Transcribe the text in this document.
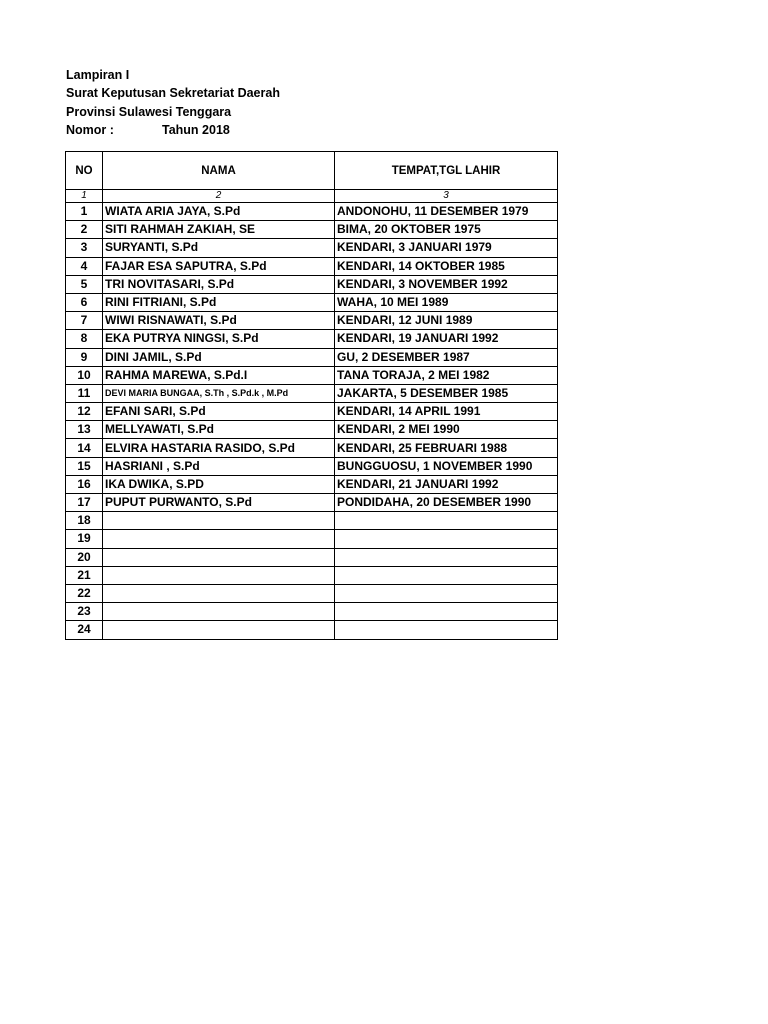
Lampiran I
Surat Keputusan Sekretariat Daerah
Provinsi Sulawesi Tenggara
Nomor :	Tahun 2018
NO	NAMA	TEMPAT,TGL LAHIR
1	2	3
1	WIATA ARIA JAYA, S.Pd	ANDONOHU, 11 DESEMBER 1979
2	SITI RAHMAH ZAKIAH, SE	BIMA, 20 OKTOBER 1975
3	SURYANTI, S.Pd	KENDARI, 3 JANUARI 1979
4	FAJAR ESA SAPUTRA, S.Pd	KENDARI, 14 OKTOBER 1985
5	TRI NOVITASARI, S.Pd	KENDARI, 3 NOVEMBER 1992
6	RINI FITRIANI, S.Pd	WAHA, 10 MEI 1989
7	WIWI RISNAWATI, S.Pd	KENDARI, 12 JUNI 1989
8	EKA PUTRYA NINGSI, S.Pd	KENDARI, 19 JANUARI 1992
9	DINI JAMIL, S.Pd	GU, 2 DESEMBER 1987
10	RAHMA MAREWA, S.Pd.I	TANA TORAJA, 2 MEI 1982
11	DEVI MARIA BUNGAA, S.Th , S.Pd.k , M.Pd	JAKARTA, 5 DESEMBER 1985
12	EFANI SARI, S.Pd	KENDARI, 14 APRIL 1991
13	MELLYAWATI, S.Pd	KENDARI, 2 MEI 1990
14	ELVIRA HASTARIA RASIDO, S.Pd	KENDARI, 25 FEBRUARI 1988
15	HASRIANI , S.Pd	BUNGGUOSU, 1 NOVEMBER 1990
16	IKA DWIKA, S.PD	KENDARI, 21 JANUARI 1992
17	PUPUT PURWANTO, S.Pd	PONDIDAHA, 20 DESEMBER 1990
18		
19		
20		
21		
22		
23		
24		
